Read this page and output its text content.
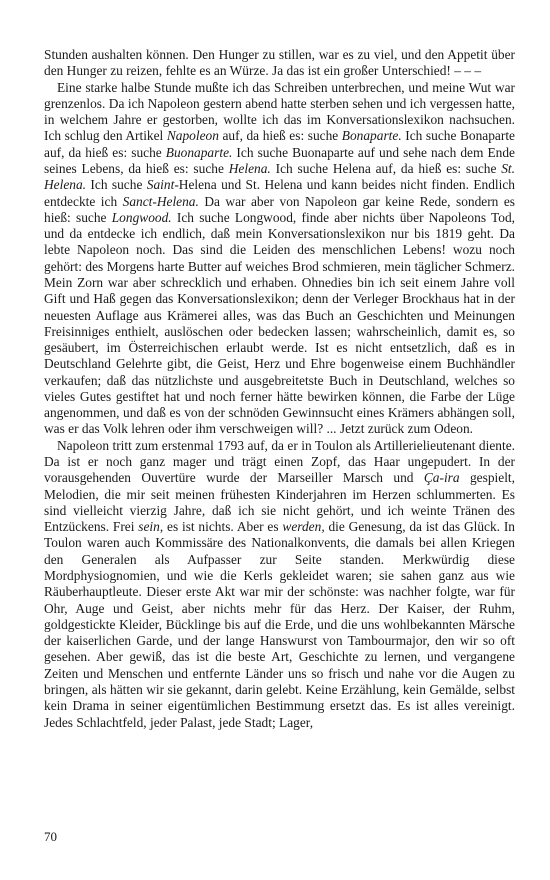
Stunden aushalten können. Den Hunger zu stillen, war es zu viel, und den Appetit über den Hunger zu reizen, fehlte es an Würze. Ja das ist ein großer Unterschied! – – –

Eine starke halbe Stunde mußte ich das Schreiben unterbrechen, und meine Wut war grenzenlos. Da ich Napoleon gestern abend hatte sterben sehen und ich vergessen hatte, in welchem Jahre er gestorben, wollte ich das im Konversationslexikon nachsuchen. Ich schlug den Artikel Napoleon auf, da hieß es: suche Bonaparte. Ich suche Bonaparte auf, da hieß es: suche Buonaparte. Ich suche Buonaparte auf und sehe nach dem Ende seines Lebens, da hieß es: suche Helena. Ich suche Helena auf, da hieß es: suche St. Helena. Ich suche Saint-Helena und St. Helena und kann beides nicht finden. Endlich entdeckte ich Sanct-Helena. Da war aber von Napoleon gar keine Rede, sondern es hieß: suche Longwood. Ich suche Longwood, finde aber nichts über Napoleons Tod, und da entdecke ich endlich, daß mein Konversationslexikon nur bis 1819 geht. Da lebte Napoleon noch. Das sind die Leiden des menschlichen Lebens! wozu noch gehört: des Morgens harte Butter auf weiches Brod schmieren, mein täglicher Schmerz. Mein Zorn war aber schrecklich und erhaben. Ohnedies bin ich seit einem Jahre voll Gift und Haß gegen das Konversationslexikon; denn der Verleger Brockhaus hat in der neuesten Auflage aus Krämerei alles, was das Buch an Geschichten und Meinungen Freisinniges enthielt, auslöschen oder bedecken lassen; wahrscheinlich, damit es, so gesäubert, im Österreichischen erlaubt werde. Ist es nicht entsetzlich, daß es in Deutschland Gelehrte gibt, die Geist, Herz und Ehre bogenweise einem Buchhändler verkaufen; daß das nützlichste und ausgebreitetste Buch in Deutschland, welches so vieles Gutes gestiftet hat und noch ferner hätte bewirken können, die Farbe der Lüge angenommen, und daß es von der schnöden Gewinnsucht eines Krämers abhängen soll, was er das Volk lehren oder ihm verschweigen will? ... Jetzt zurück zum Odeon.

Napoleon tritt zum erstenmal 1793 auf, da er in Toulon als Artillerielieutenant diente. Da ist er noch ganz mager und trägt einen Zopf, das Haar ungepudert. In der vorausgehenden Ouvertüre wurde der Marseiller Marsch und Ça-ira gespielt, Melodien, die mir seit meinen frühesten Kinderjahren im Herzen schlummerten. Es sind vielleicht vierzig Jahre, daß ich sie nicht gehört, und ich weinte Tränen des Entzückens. Frei sein, es ist nichts. Aber es werden, die Genesung, da ist das Glück. In Toulon waren auch Kommissäre des Nationalkonvents, die damals bei allen Kriegen den Generalen als Aufpasser zur Seite standen. Merkwürdig diese Mordphysiognomien, und wie die Kerls gekleidet waren; sie sahen ganz aus wie Räuberhauptleute. Dieser erste Akt war mir der schönste: was nachher folgte, war für Ohr, Auge und Geist, aber nichts mehr für das Herz. Der Kaiser, der Ruhm, goldgestickte Kleider, Bücklinge bis auf die Erde, und die uns wohlbekannten Märsche der kaiserlichen Garde, und der lange Hanswurst von Tambourmajor, den wir so oft gesehen. Aber gewiß, das ist die beste Art, Geschichte zu lernen, und vergangene Zeiten und Menschen und entfernte Länder uns so frisch und nahe vor die Augen zu bringen, als hätten wir sie gekannt, darin gelebt. Keine Erzählung, kein Gemälde, selbst kein Drama in seiner eigentümlichen Bestimmung ersetzt das. Es ist alles vereinigt. Jedes Schlachtfeld, jeder Palast, jede Stadt; Lager,

70
